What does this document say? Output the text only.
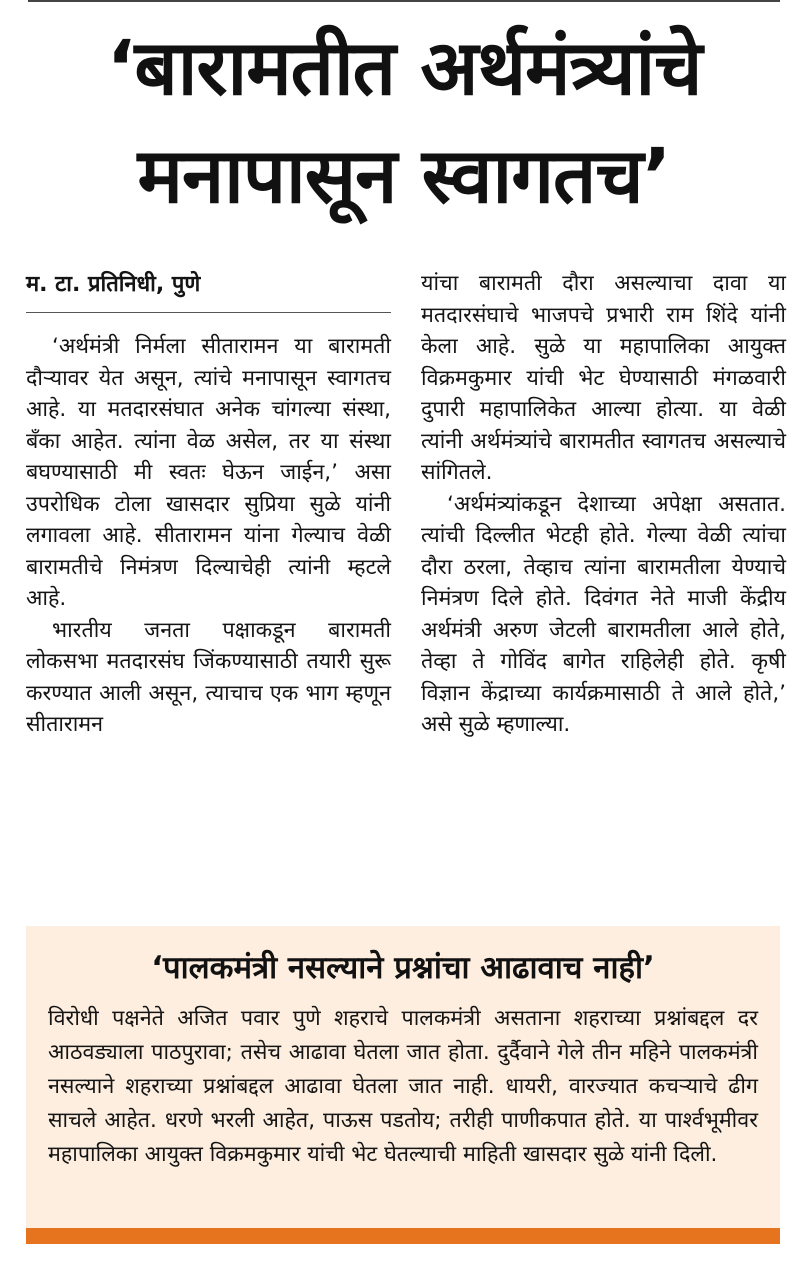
‘बारामतीत अर्थमंत्र्यांचे
मनापासून स्वागतच’
म. टा. प्रतिनिधी, पुणे

‘अर्थमंत्री निर्मला सीतारामन या बारामती दौऱ्यावर येत असून, त्यांचे मनापासून स्वागतच आहे. या मतदारसंघात अनेक चांगल्या संस्था, बँका आहेत. त्यांना वेळ असेल, तर या संस्था बघण्यासाठी मी स्वतः घेऊन जाईन,’ असा उपरोधिक टोला खासदार सुप्रिया सुळे यांनी लगावला आहे. सीतारामन यांना गेल्याच वेळी बारामतीचे निमंत्रण दिल्याचेही त्यांनी म्हटले आहे.

भारतीय जनता पक्षाकडून बारामती लोकसभा मतदारसंघ जिंकण्यासाठी तयारी सुरू करण्यात आली असून, त्याचाच एक भाग म्हणून सीतारामन

यांचा बारामती दौरा असल्याचा दावा या मतदारसंघाचे भाजपचे प्रभारी राम शिंदे यांनी केला आहे. सुळे या महापालिका आयुक्त विक्रमकुमार यांची भेट घेण्यासाठी मंगळवारी दुपारी महापालिकेत आल्या होत्या. या वेळी त्यांनी अर्थमंत्र्यांचे बारामतीत स्वागतच असल्याचे सांगितले.

‘अर्थमंत्र्यांकडून देशाच्या अपेक्षा असतात. त्यांची दिल्लीत भेटही होते. गेल्या वेळी त्यांचा दौरा ठरला, तेव्हाच त्यांना बारामतीला येण्याचे निमंत्रण दिले होते. दिवंगत नेते माजी केंद्रीय अर्थमंत्री अरुण जेटली बारामतीला आले होते, तेव्हा ते गोविंद बागेत राहिलेही होते. कृषी विज्ञान केंद्राच्या कार्यक्रमासाठी ते आले होते,’ असे सुळे म्हणाल्या.

‘पालकमंत्री नसल्याने प्रश्नांचा आढावाच नाही’
विरोधी पक्षनेते अजित पवार पुणे शहराचे पालकमंत्री असताना शहराच्या प्रश्नांबद्दल दर आठवड्याला पाठपुरावा; तसेच आढावा घेतला जात होता. दुर्दैवाने गेले तीन महिने पालकमंत्री नसल्याने शहराच्या प्रश्नांबद्दल आढावा घेतला जात नाही. धायरी, वारज्यात कचऱ्याचे ढीग साचले आहेत. धरणे भरली आहेत, पाऊस पडतोय; तरीही पाणीकपात होते. या पार्श्वभूमीवर महापालिका आयुक्त विक्रमकुमार यांची भेट घेतल्याची माहिती खासदार सुळे यांनी दिली.
